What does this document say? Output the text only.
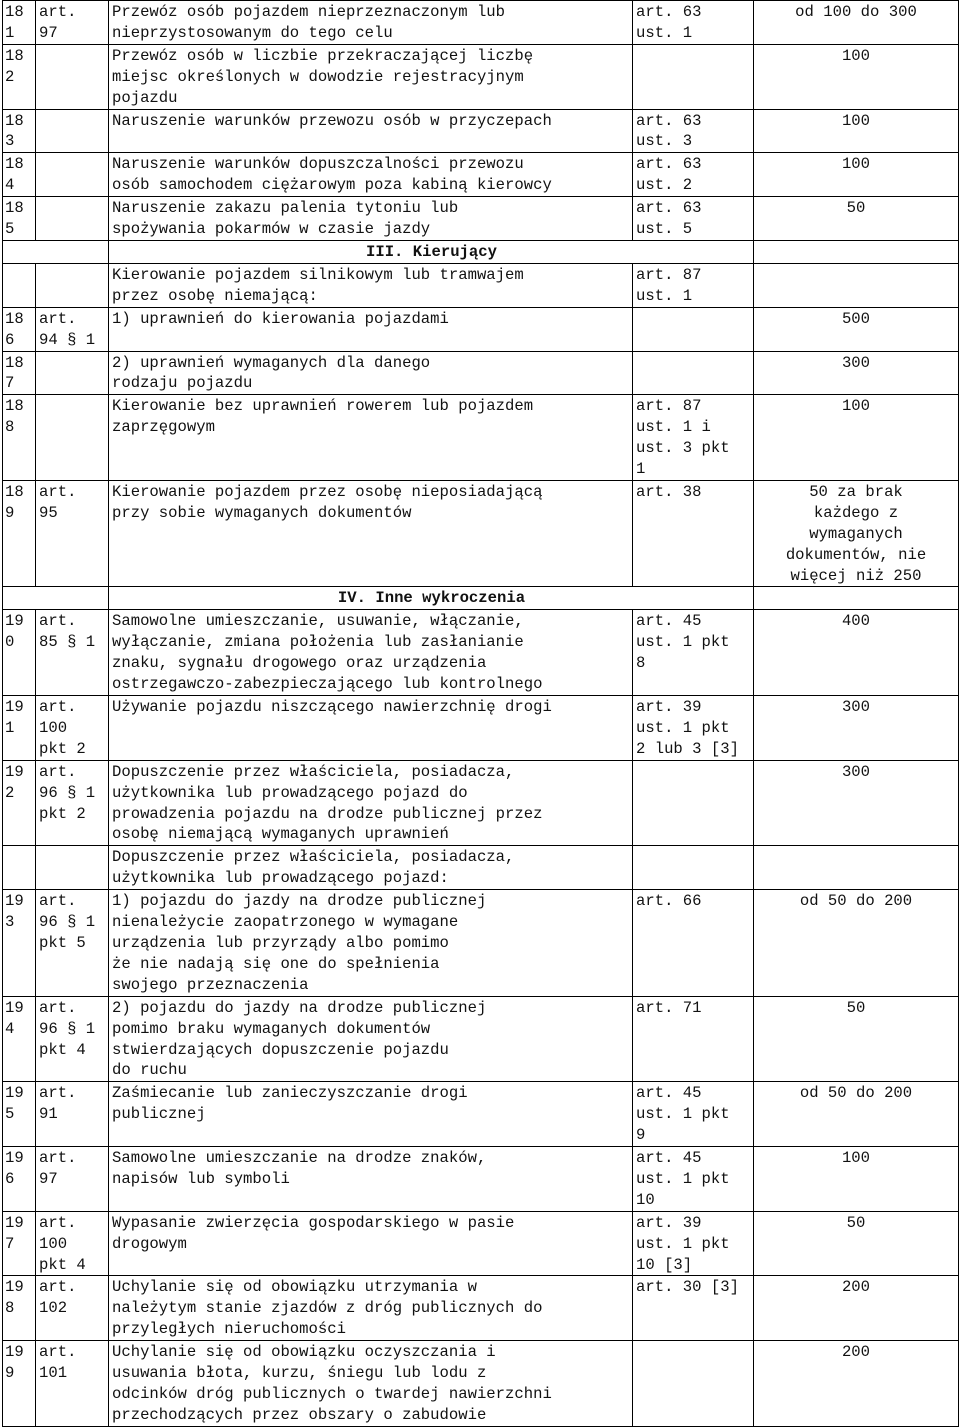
181	art.
97	Przewóz osób pojazdem nieprzeznaczonym lub
nieprzystosowanym do tego celu	art. 63
ust. 1	od 100 do 300
182		Przewóz osób w liczbie przekraczającej liczbę
miejsc określonych w dowodzie rejestracyjnym
pojazdu		100
183		Naruszenie warunków przewozu osób w przyczepach	art. 63
ust. 3	100
184		Naruszenie warunków dopuszczalności przewozu
osób samochodem ciężarowym poza kabiną kierowcy	art. 63
ust. 2	100
185		Naruszenie zakazu palenia tytoniu lub
spożywania pokarmów w czasie jazdy	art. 63
ust. 5	50
		III. Kierujący		
		Kierowanie pojazdem silnikowym lub tramwajem
przez osobę niemającą:	art. 87
ust. 1	
186	art.
94 § 1	1) uprawnień do kierowania pojazdami		500
187		2) uprawnień wymaganych dla danego
rodzaju pojazdu		300
188		Kierowanie bez uprawnień rowerem lub pojazdem
zaprzęgowym	art. 87
ust. 1 i
ust. 3 pkt
1	100
189	art.
95	Kierowanie pojazdem przez osobę nieposiadającą
przy sobie wymaganych dokumentów	art. 38	50 za brak
każdego z
wymaganych
dokumentów, nie
więcej niż 250
		IV. Inne wykroczenia		
190	art.
85 § 1	Samowolne umieszczanie, usuwanie, włączanie,
wyłączanie, zmiana położenia lub zasłanianie
znaku, sygnału drogowego oraz urządzenia
ostrzegawczo-zabezpieczającego lub kontrolnego	art. 45
ust. 1 pkt
8	400
191	art.
100
pkt 2	Używanie pojazdu niszczącego nawierzchnię drogi	art. 39
ust. 1 pkt
2 lub 3 [3]	300
192	art.
96 § 1
pkt 2	Dopuszczenie przez właściciela, posiadacza,
użytkownika lub prowadzącego pojazd do
prowadzenia pojazdu na drodze publicznej przez
osobę niemającą wymaganych uprawnień		300
		Dopuszczenie przez właściciela, posiadacza,
użytkownika lub prowadzącego pojazd:		
193	art.
96 § 1
pkt 5	1) pojazdu do jazdy na drodze publicznej
nienależycie zaopatrzonego w wymagane
urządzenia lub przyrządy albo pomimo
że nie nadają się one do spełnienia
swojego przeznaczenia	art. 66	od 50 do 200
194	art.
96 § 1
pkt 4	2) pojazdu do jazdy na drodze publicznej
pomimo braku wymaganych dokumentów
stwierdzających dopuszczenie pojazdu
do ruchu	art. 71	50
195	art.
91	Zaśmiecanie lub zanieczyszczanie drogi
publicznej	art. 45
ust. 1 pkt
9	od 50 do 200
196	art.
97	Samowolne umieszczanie na drodze znaków,
napisów lub symboli	art. 45
ust. 1 pkt
10	100
197	art.
100
pkt 4	Wypasanie zwierzęcia gospodarskiego w pasie
drogowym	art. 39
ust. 1 pkt
10 [3]	50
198	art.
102	Uchylanie się od obowiązku utrzymania w
należytym stanie zjazdów z dróg publicznych do
przyległych nieruchomości	art. 30 [3]	200
199	art.
101	Uchylanie się od obowiązku oczyszczania i
usuwania błota, kurzu, śniegu lub lodu z
odcinków dróg publicznych o twardej nawierzchni
przechodzących przez obszary o zabudowie		200
